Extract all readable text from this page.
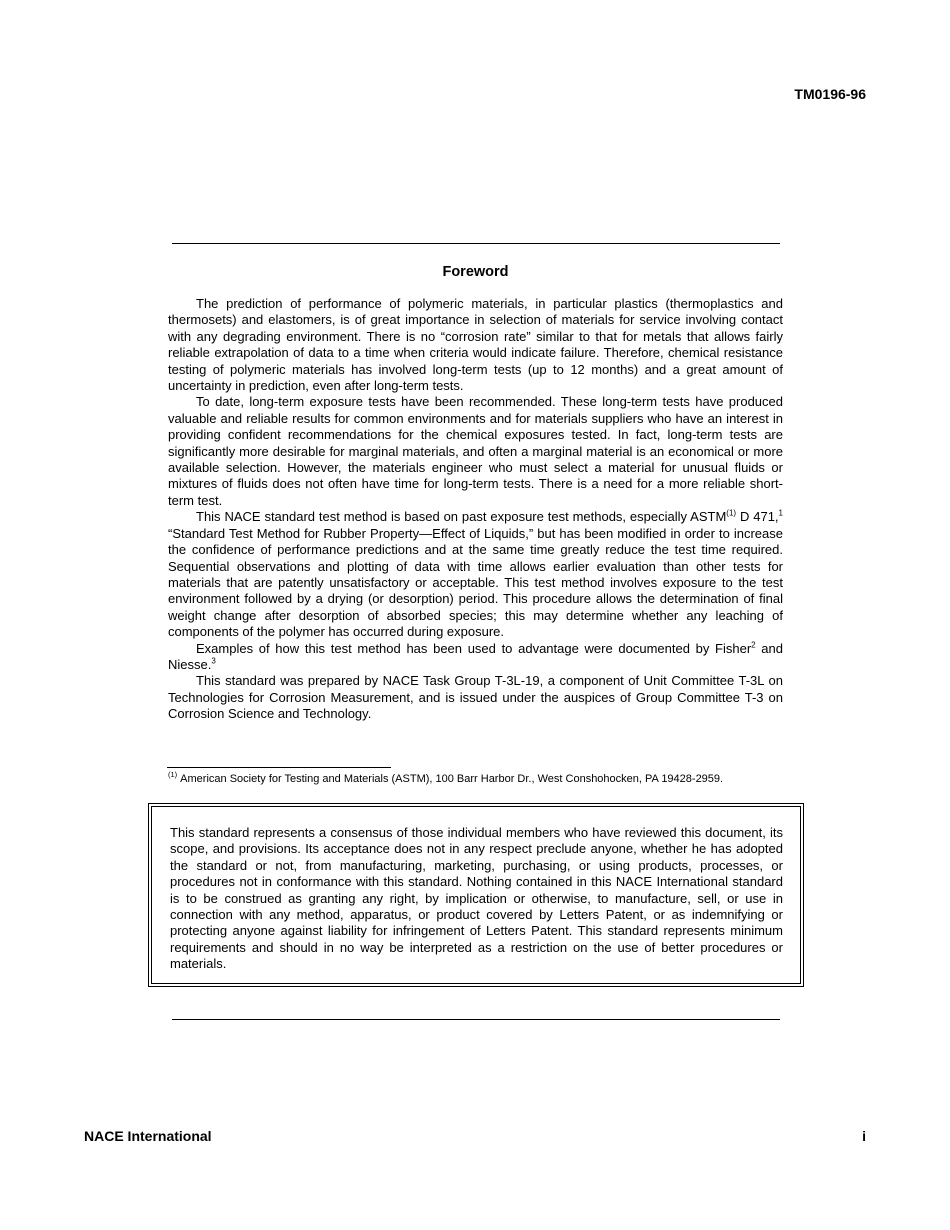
TM0196-96
Foreword

The prediction of performance of polymeric materials, in particular plastics (thermoplastics and thermosets) and elastomers, is of great importance in selection of materials for service involving contact with any degrading environment. There is no “corrosion rate” similar to that for metals that allows fairly reliable extrapolation of data to a time when criteria would indicate failure. Therefore, chemical resistance testing of polymeric materials has involved long-term tests (up to 12 months) and a great amount of uncertainty in prediction, even after long-term tests.

To date, long-term exposure tests have been recommended. These long-term tests have produced valuable and reliable results for common environments and for materials suppliers who have an interest in providing confident recommendations for the chemical exposures tested. In fact, long-term tests are significantly more desirable for marginal materials, and often a marginal material is an economical or more available selection. However, the materials engineer who must select a material for unusual fluids or mixtures of fluids does not often have time for long-term tests. There is a need for a more reliable short-term test.

This NACE standard test method is based on past exposure test methods, especially ASTM$^{(1)}$ D 471,$^1$ “Standard Test Method for Rubber Property—Effect of Liquids,” but has been modified in order to increase the confidence of performance predictions and at the same time greatly reduce the test time required. Sequential observations and plotting of data with time allows earlier evaluation than other tests for materials that are patently unsatisfactory or acceptable. This test method involves exposure to the test environment followed by a drying (or desorption) period. This procedure allows the determination of final weight change after desorption of absorbed species; this may determine whether any leaching of components of the polymer has occurred during exposure.

Examples of how this test method has been used to advantage were documented by Fisher$^2$ and Niesse.$^3$

This standard was prepared by NACE Task Group T-3L-19, a component of Unit Committee T-3L on Technologies for Corrosion Measurement, and is issued under the auspices of Group Committee T-3 on Corrosion Science and Technology.

$^{(1)}$ American Society for Testing and Materials (ASTM), 100 Barr Harbor Dr., West Conshohocken, PA 19428-2959.
This standard represents a consensus of those individual members who have reviewed this document, its scope, and provisions. Its acceptance does not in any respect preclude anyone, whether he has adopted the standard or not, from manufacturing, marketing, purchasing, or using products, processes, or procedures not in conformance with this standard. Nothing contained in this NACE International standard is to be construed as granting any right, by implication or otherwise, to manufacture, sell, or use in connection with any method, apparatus, or product covered by Letters Patent, or as indemnifying or protecting anyone against liability for infringement of Letters Patent. This standard represents minimum requirements and should in no way be interpreted as a restriction on the use of better procedures or materials.
NACE International	i
